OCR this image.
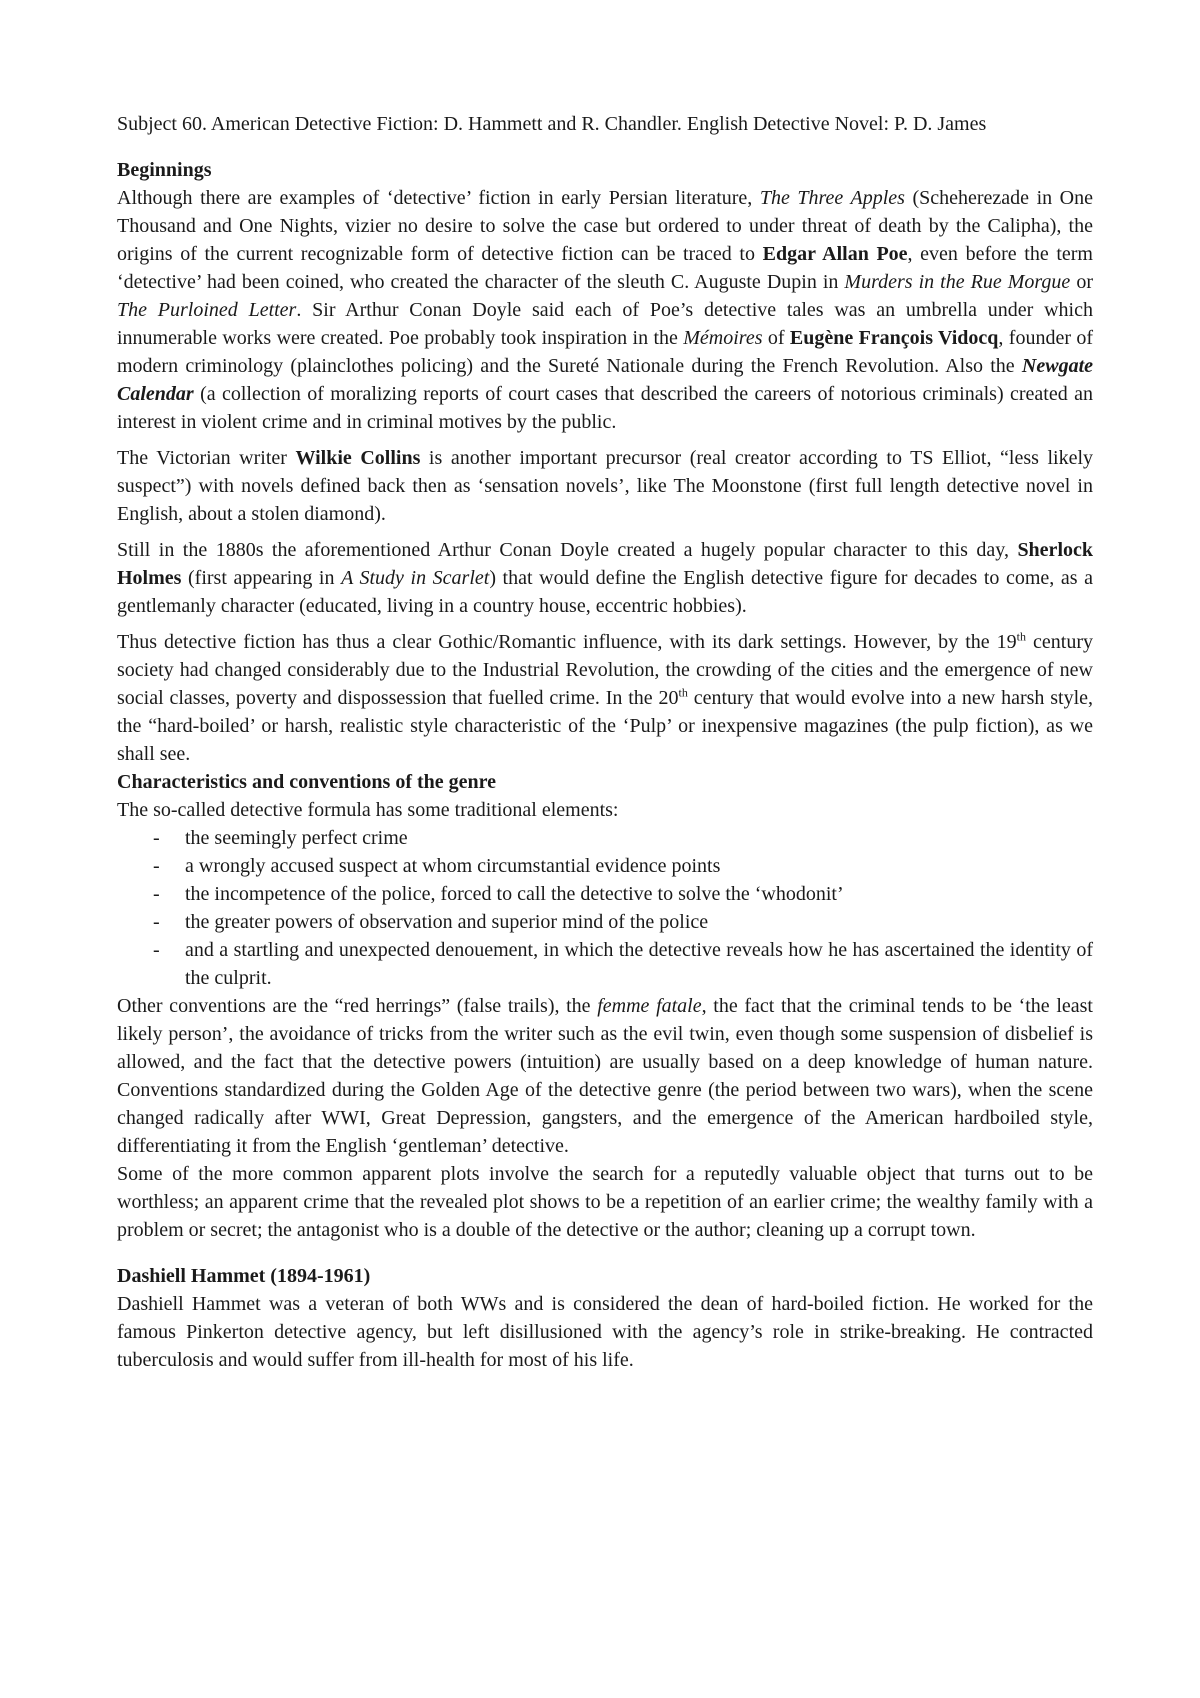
Subject 60. American Detective Fiction: D. Hammett and R. Chandler. English Detective Novel: P. D. James

Beginnings

Although there are examples of ‘detective’ fiction in early Persian literature, The Three Apples (Scheherezade in One Thousand and One Nights, vizier no desire to solve the case but ordered to under threat of death by the Calipha), the origins of the current recognizable form of detective fiction can be traced to Edgar Allan Poe, even before the term ‘detective’ had been coined, who created the character of the sleuth C. Auguste Dupin in Murders in the Rue Morgue or The Purloined Letter. Sir Arthur Conan Doyle said each of Poe’s detective tales was an umbrella under which innumerable works were created. Poe probably took inspiration in the Mémoires of Eugène François Vidocq, founder of modern criminology (plainclothes policing) and the Sureté Nationale during the French Revolution. Also the Newgate Calendar (a collection of moralizing reports of court cases that described the careers of notorious criminals) created an interest in violent crime and in criminal motives by the public.

The Victorian writer Wilkie Collins is another important precursor (real creator according to TS Elliot, “less likely suspect”) with novels defined back then as ‘sensation novels’, like The Moonstone (first full length detective novel in English, about a stolen diamond).

Still in the 1880s the aforementioned Arthur Conan Doyle created a hugely popular character to this day, Sherlock Holmes (first appearing in A Study in Scarlet) that would define the English detective figure for decades to come, as a gentlemanly character (educated, living in a country house, eccentric hobbies).

Thus detective fiction has thus a clear Gothic/Romantic influence, with its dark settings. However, by the 19th century society had changed considerably due to the Industrial Revolution, the crowding of the cities and the emergence of new social classes, poverty and dispossession that fuelled crime. In the 20th century that would evolve into a new harsh style, the “hard-boiled’ or harsh, realistic style characteristic of the ‘Pulp’ or inexpensive magazines (the pulp fiction), as we shall see.

Characteristics and conventions of the genre

The so-called detective formula has some traditional elements:

- the seemingly perfect crime
- a wrongly accused suspect at whom circumstantial evidence points
- the incompetence of the police, forced to call the detective to solve the ‘whodonit’
- the greater powers of observation and superior mind of the police
- and a startling and unexpected denouement, in which the detective reveals how he has ascertained the identity of the culprit.

Other conventions are the “red herrings” (false trails), the femme fatale, the fact that the criminal tends to be ‘the least likely person’, the avoidance of tricks from the writer such as the evil twin, even though some suspension of disbelief is allowed, and the fact that the detective powers (intuition) are usually based on a deep knowledge of human nature. Conventions standardized during the Golden Age of the detective genre (the period between two wars), when the scene changed radically after WWI, Great Depression, gangsters, and the emergence of the American hardboiled style, differentiating it from the English ‘gentleman’ detective.

Some of the more common apparent plots involve the search for a reputedly valuable object that turns out to be worthless; an apparent crime that the revealed plot shows to be a repetition of an earlier crime; the wealthy family with a problem or secret; the antagonist who is a double of the detective or the author; cleaning up a corrupt town.

Dashiell Hammet (1894-1961)

Dashiell Hammet was a veteran of both WWs and is considered the dean of hard-boiled fiction. He worked for the famous Pinkerton detective agency, but left disillusioned with the agency’s role in strike-breaking. He contracted tuberculosis and would suffer from ill-health for most of his life.
